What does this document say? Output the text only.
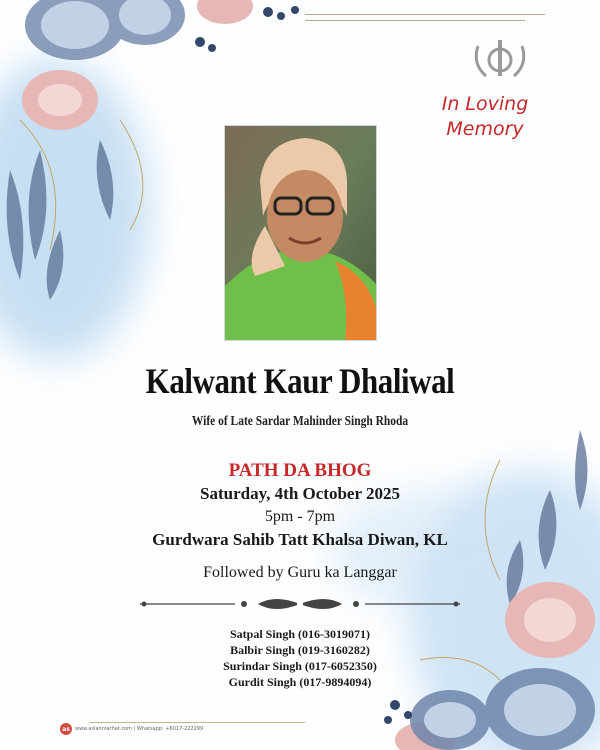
In Loving
Memory
Kalwant Kaur Dhaliwal
Wife of Late Sardar Mahinder Singh Rhoda
PATH DA BHOG
Saturday, 4th October 2025
5pm - 7pm
Gurdwara Sahib Tatt Khalsa Diwan, KL
Followed by Guru ka Langgar
Satpal Singh (016-3019071)
Balbir Singh (019-3160282)
Surindar Singh (017-6052350)
Gurdit Singh (017-9894094)
as	www.aslanmarhat.com | Whatsapp: +6017-222299
